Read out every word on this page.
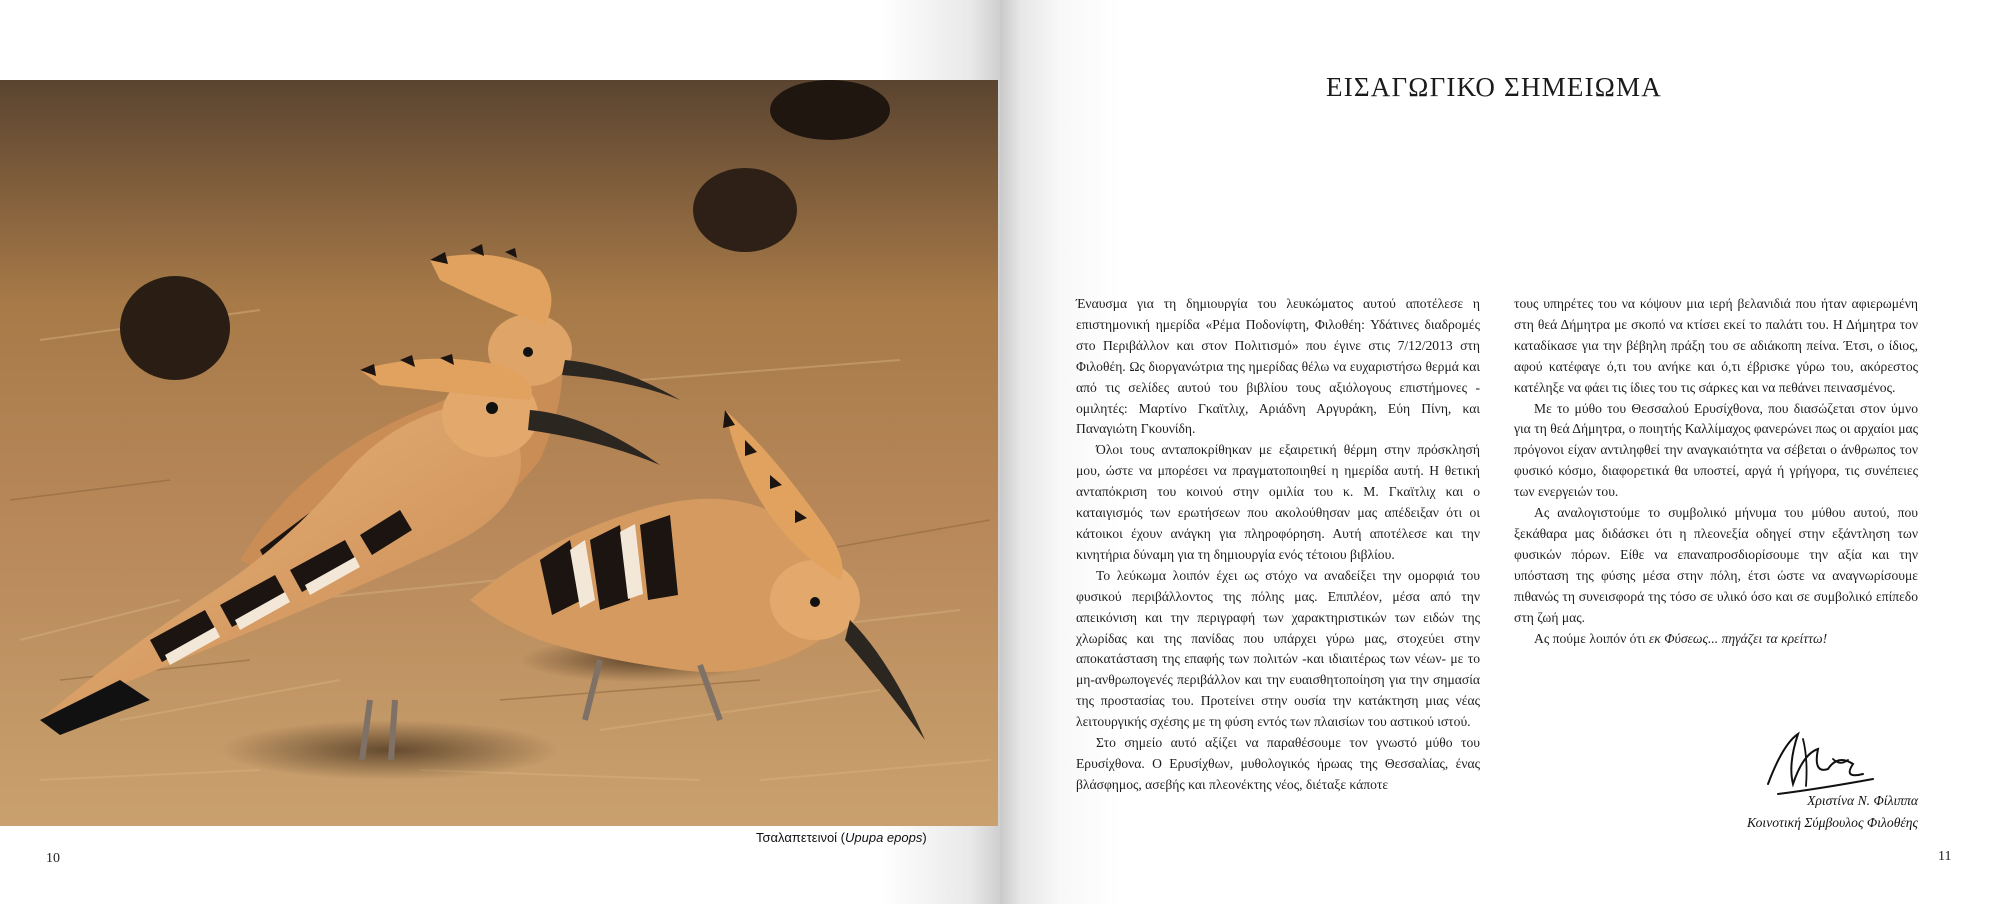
Τσαλαπετεινοί (Upupa epops)
10
ΕΙΣΑΓΩΓΙΚΟ ΣΗΜΕΙΩΜΑ

Έναυσμα για τη δημιουργία του λευκώματος αυτού αποτέλεσε η επιστημονική ημερίδα «Ρέμα Ποδονίφτη, Φιλοθέη: Υδάτινες διαδρομές στο Περιβάλλον και στον Πολιτισμό» που έγινε στις 7/12/2013 στη Φιλοθέη. Ως διοργανώτρια της ημερίδας θέλω να ευχαριστήσω θερμά και από τις σελίδες αυτού του βιβλίου τους αξιόλογους επιστήμονες - ομιλητές: Μαρτίνο Γκαϊτλιχ, Αριάδνη Αργυράκη, Εύη Πίνη, και Παναγιώτη Γκουνίδη.

Όλοι τους ανταποκρίθηκαν με εξαιρετική θέρμη στην πρόσκλησή μου, ώστε να μπορέσει να πραγματοποιηθεί η ημερίδα αυτή. Η θετική ανταπόκριση του κοινού στην ομιλία του κ. Μ. Γκαϊτλιχ και ο καταιγισμός των ερωτήσεων που ακολούθησαν μας απέδειξαν ότι οι κάτοικοι έχουν ανάγκη για πληροφόρηση. Αυτή αποτέλεσε και την κινητήρια δύναμη για τη δημιουργία ενός τέτοιου βιβλίου.

Το λεύκωμα λοιπόν έχει ως στόχο να αναδείξει την ομορφιά του φυσικού περιβάλλοντος της πόλης μας. Επιπλέον, μέσα από την απεικόνιση και την περιγραφή των χαρακτηριστικών των ειδών της χλωρίδας και της πανίδας που υπάρχει γύρω μας, στοχεύει στην αποκατάσταση της επαφής των πολιτών -και ιδιαιτέρως των νέων- με το μη-ανθρωπογενές περιβάλλον και την ευαισθητοποίηση για την σημασία της προστασίας του. Προτείνει στην ουσία την κατάκτηση μιας νέας λειτουργικής σχέσης με τη φύση εντός των πλαισίων του αστικού ιστού.

Στο σημείο αυτό αξίζει να παραθέσουμε τον γνωστό μύθο του Ερυσίχθονα. Ο Ερυσίχθων, μυθολογικός ήρωας της Θεσσαλίας, ένας βλάσφημος, ασεβής και πλεονέκτης νέος, διέταξε κάποτε

τους υπηρέτες του να κόψουν μια ιερή βελανιδιά που ήταν αφιερωμένη στη θεά Δήμητρα με σκοπό να κτίσει εκεί το παλάτι του. Η Δήμητρα τον καταδίκασε για την βέβηλη πράξη του σε αδιάκοπη πείνα. Έτσι, ο ίδιος, αφού κατέφαγε ό,τι του ανήκε και ό,τι έβρισκε γύρω του, ακόρεστος κατέληξε να φάει τις ίδιες του τις σάρκες και να πεθάνει πεινασμένος.

Με το μύθο του Θεσσαλού Ερυσίχθονα, που διασώζεται στον ύμνο για τη θεά Δήμητρα, ο ποιητής Καλλίμαχος φανερώνει πως οι αρχαίοι μας πρόγονοι είχαν αντιληφθεί την αναγκαιότητα να σέβεται ο άνθρωπος τον φυσικό κόσμο, διαφορετικά θα υποστεί, αργά ή γρήγορα, τις συνέπειες των ενεργειών του.

Ας αναλογιστούμε το συμβολικό μήνυμα του μύθου αυτού, που ξεκάθαρα μας διδάσκει ότι η πλεονεξία οδηγεί στην εξάντληση των φυσικών πόρων. Είθε να επαναπροσδιορίσουμε την αξία και την υπόσταση της φύσης μέσα στην πόλη, έτσι ώστε να αναγνωρίσουμε πιθανώς τη συνεισφορά της τόσο σε υλικό όσο και σε συμβολικό επίπεδο στη ζωή μας.

Ας πούμε λοιπόν ότι εκ Φύσεως... πηγάζει τα κρείττω!

Χριστίνα Ν. Φίλιππα
Κοινοτική Σύμβουλος Φιλοθέης
11
